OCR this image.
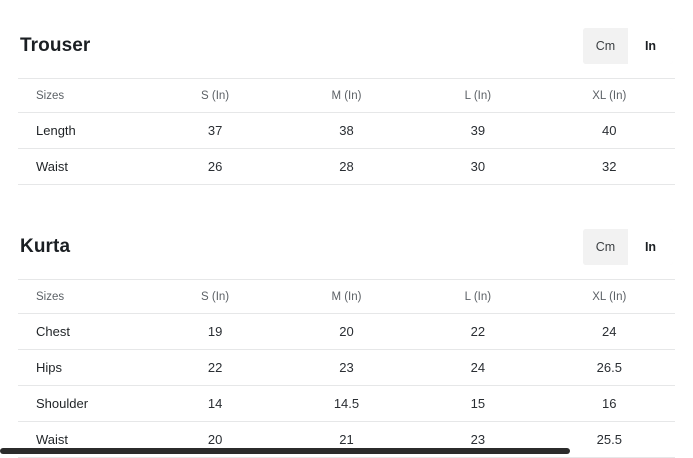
Trouser	Cm	In
Sizes	S (In)	M (In)	L (In)	XL (In)
Length	37	38	39	40
Waist	26	28	30	32
Kurta	Cm	In
Sizes	S (In)	M (In)	L (In)	XL (In)
Chest	19	20	22	24
Hips	22	23	24	26.5
Shoulder	14	14.5	15	16
Waist	20	21	23	25.5
